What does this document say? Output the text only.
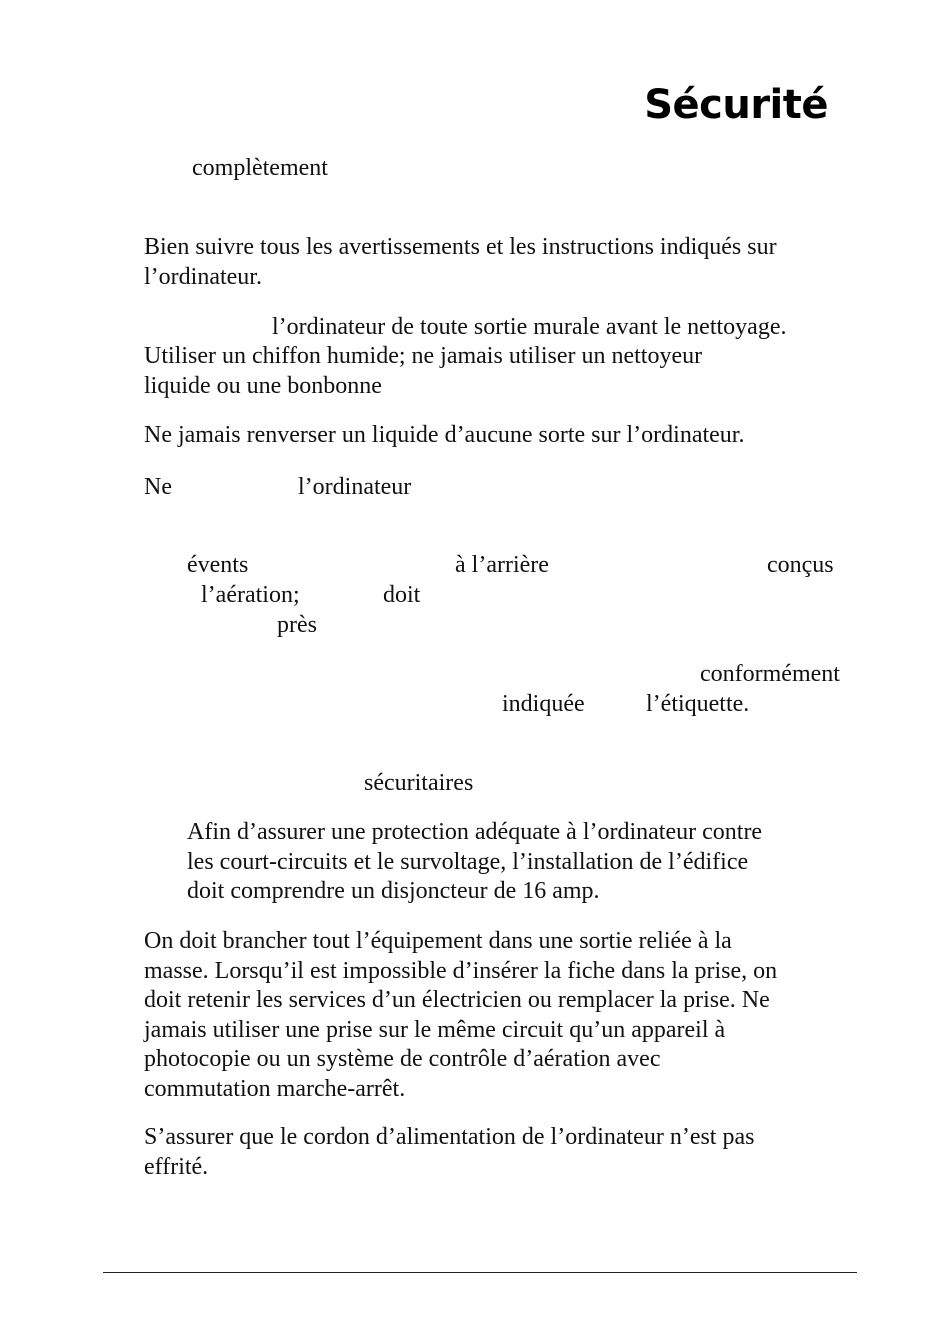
Sécurité
complètement
Bien suivre tous les avertissements et les instructions indiqués sur
l’ordinateur.
l’ordinateur de toute sortie murale avant le nettoyage.
Utiliser un chiffon humide; ne jamais utiliser un nettoyeur
liquide ou une bonbonne
Ne jamais renverser un liquide d’aucune sorte sur l’ordinateur.
Ne	l’ordinateur
évents	à l’arrière	conçus
l’aération;	doit
près
conformément
indiquée	l’étiquette.
sécuritaires
Afin d’assurer une protection adéquate à l’ordinateur contre
les court-circuits et le survoltage, l’installation de l’édifice
doit comprendre un disjoncteur de 16 amp.
On doit brancher tout l’équipement dans une sortie reliée à la
masse. Lorsqu’il est impossible d’insérer la fiche dans la prise, on
doit retenir les services d’un électricien ou remplacer la prise. Ne
jamais utiliser une prise sur le même circuit qu’un appareil à
photocopie ou un système de contrôle d’aération avec
commutation marche-arrêt.
S’assurer que le cordon d’alimentation de l’ordinateur n’est pas
effrité.
